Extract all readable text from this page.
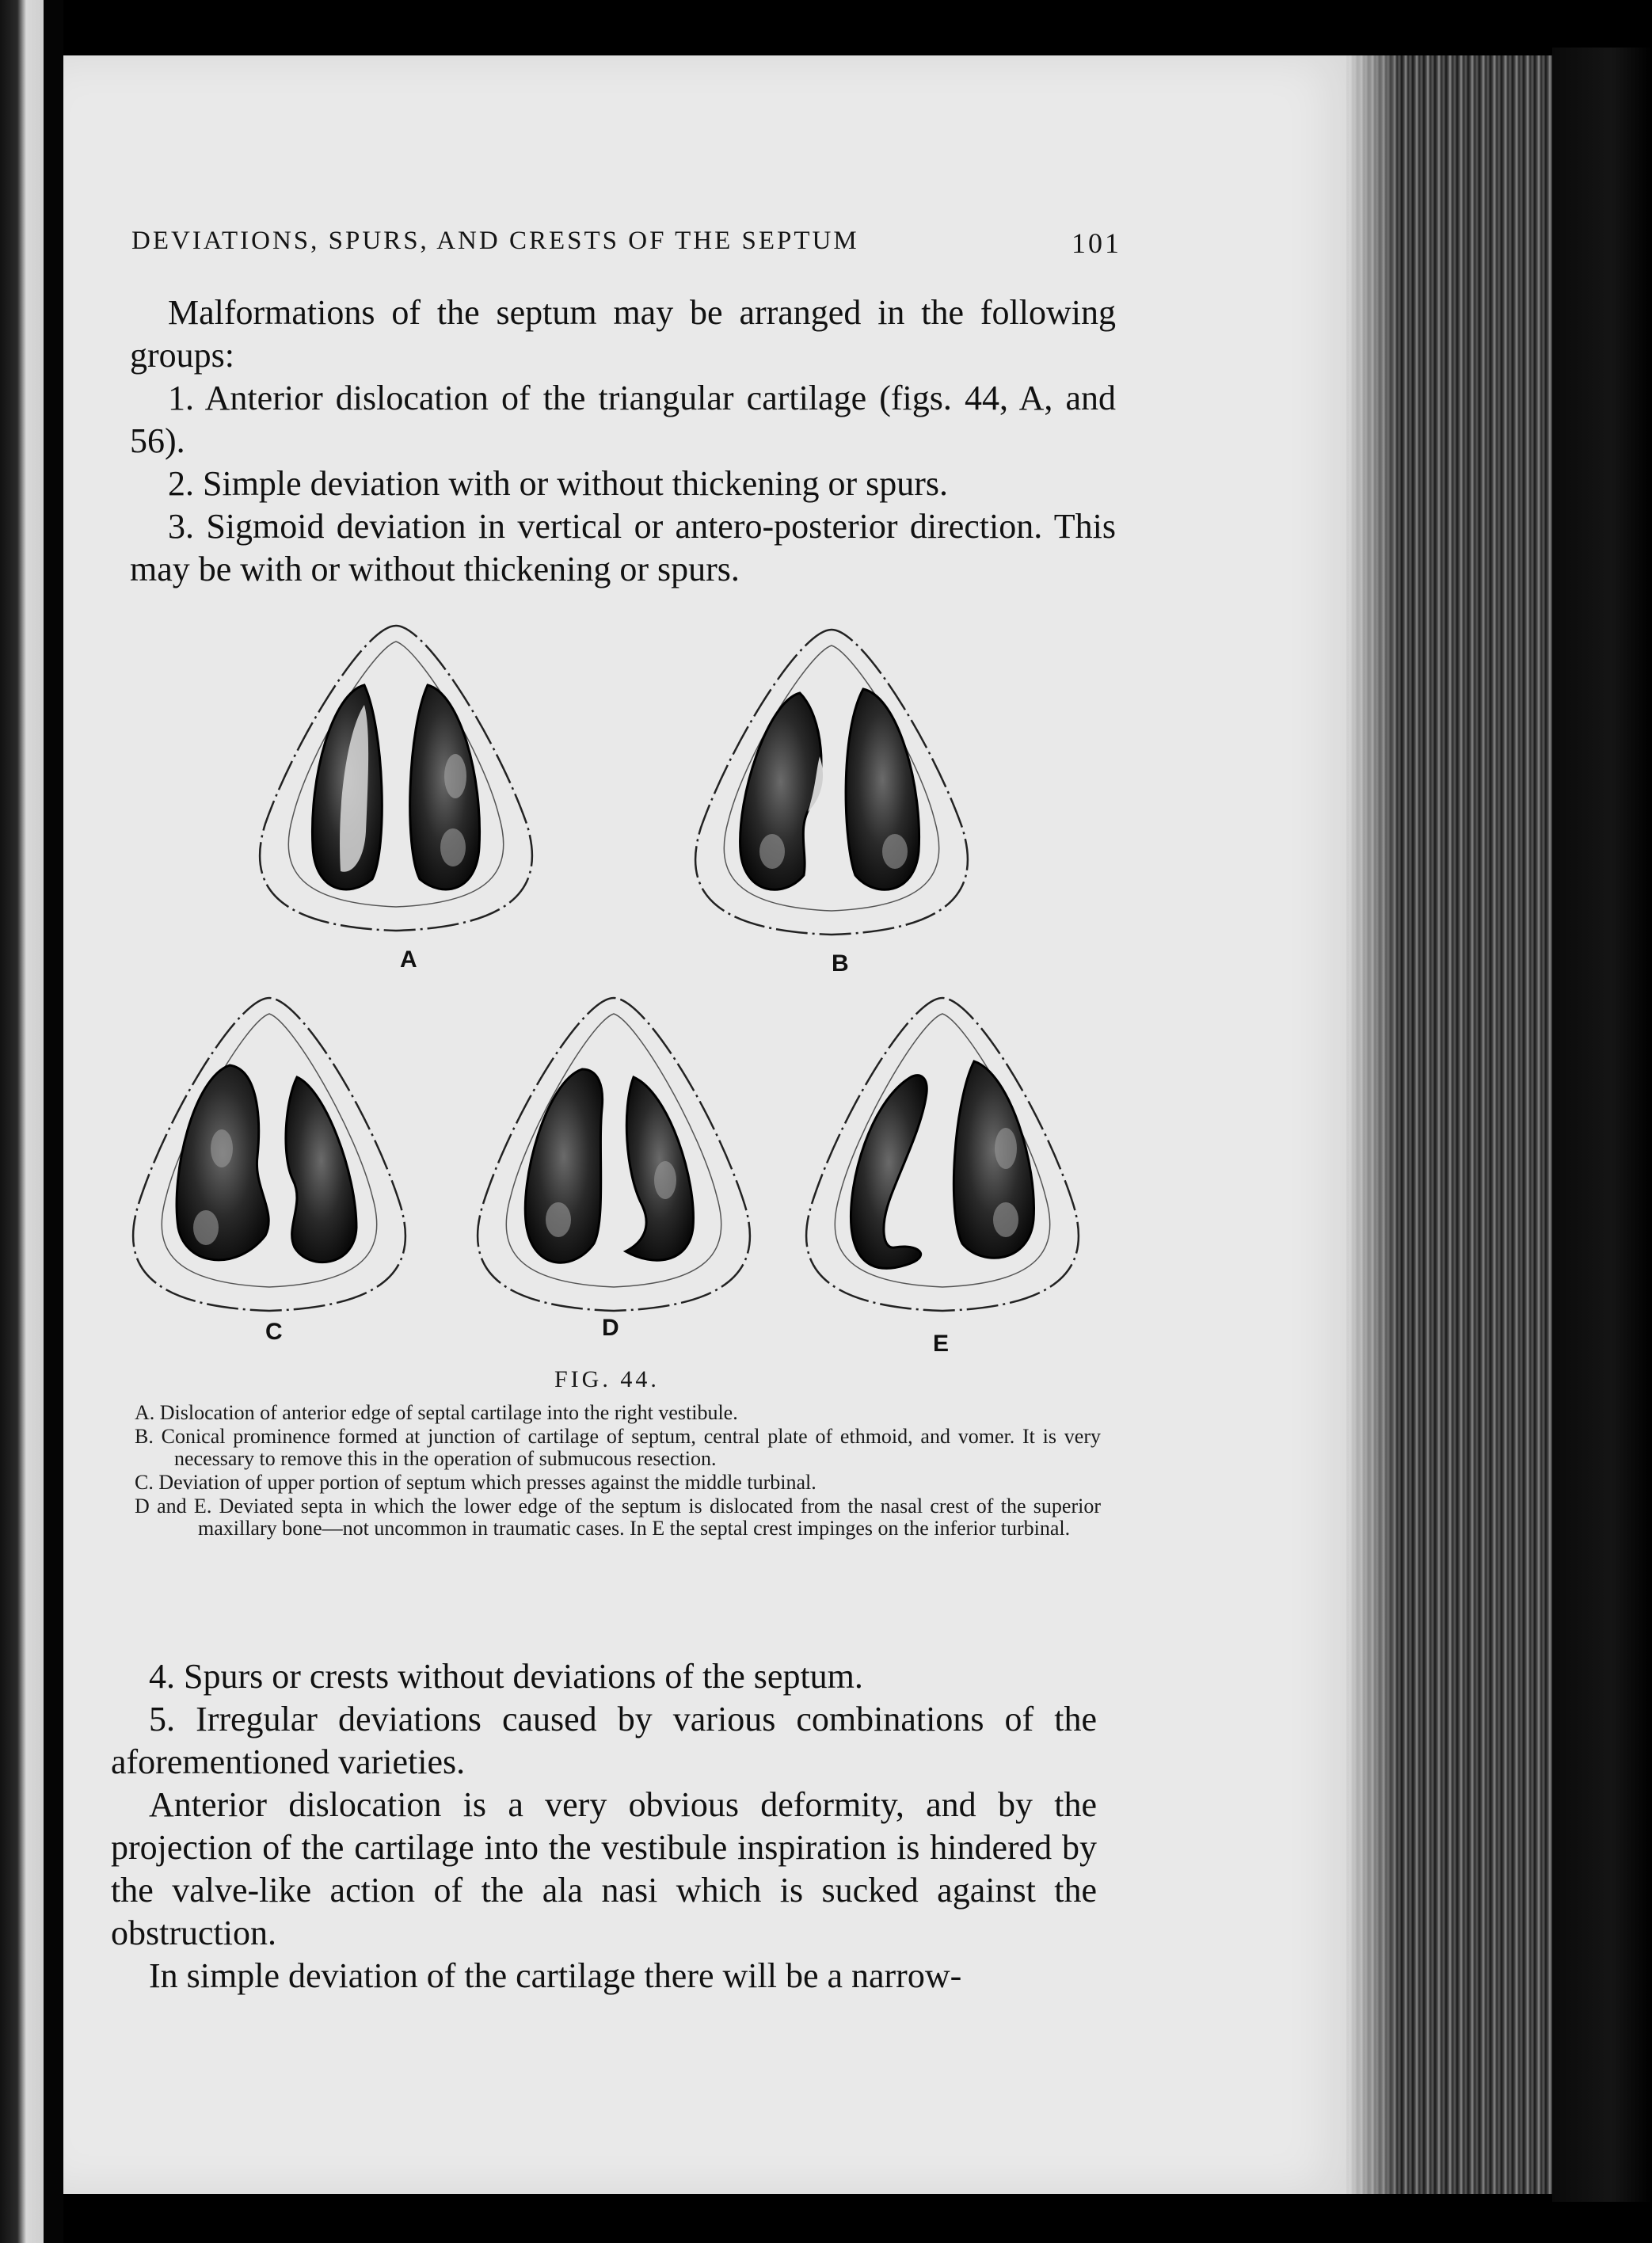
DEVIATIONS, SPURS, AND CRESTS OF THE SEPTUM	101

Malformations of the septum may be arranged in the following groups:

1. Anterior dislocation of the triangular cartilage (figs. 44, A, and 56).

2. Simple deviation with or without thickening or spurs.

3. Sigmoid deviation in vertical or antero-posterior direction. This may be with or without thickening or spurs.

A	B
C	D
E
FIG. 44.

A. Dislocation of anterior edge of septal cartilage into the right vestibule.

B. Conical prominence formed at junction of cartilage of septum, central plate of ethmoid, and vomer. It is very necessary to remove this in the operation of submucous resection.

C. Deviation of upper portion of septum which presses against the middle turbinal.

D and E. Deviated septa in which the lower edge of the septum is dislocated from the nasal crest of the superior maxillary bone—not uncommon in traumatic cases. In E the septal crest impinges on the inferior turbinal.

4. Spurs or crests without deviations of the septum.

5. Irregular deviations caused by various combinations of the aforementioned varieties.

Anterior dislocation is a very obvious deformity, and by the projection of the cartilage into the vestibule inspiration is hindered by the valve-like action of the ala nasi which is sucked against the obstruction.

In simple deviation of the cartilage there will be a narrow-
